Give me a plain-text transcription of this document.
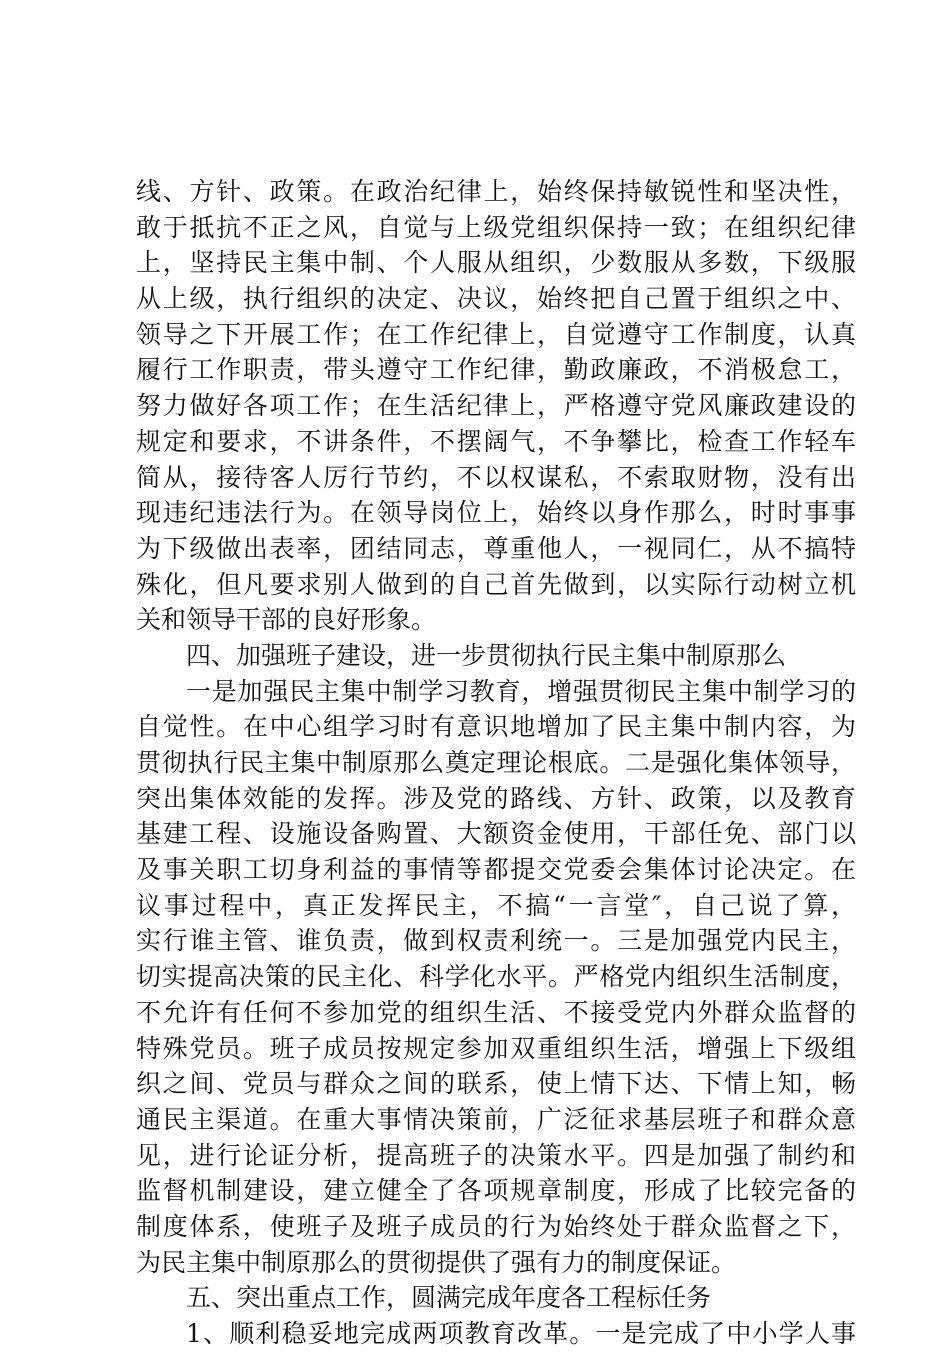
线、方针、政策。在政治纪律上，始终保持敏锐性和坚决性，
敢于抵抗不正之风，自觉与上级党组织保持一致；在组织纪律
上，坚持民主集中制、个人服从组织，少数服从多数，下级服
从上级，执行组织的决定、决议，始终把自己置于组织之中、
领导之下开展工作；在工作纪律上，自觉遵守工作制度，认真
履行工作职责，带头遵守工作纪律，勤政廉政，不消极怠工，
努力做好各项工作；在生活纪律上，严格遵守党风廉政建设的
规定和要求，不讲条件，不摆阔气，不争攀比，检查工作轻车
简从，接待客人厉行节约，不以权谋私，不索取财物，没有出
现违纪违法行为。在领导岗位上，始终以身作那么，时时事事
为下级做出表率，团结同志，尊重他人，一视同仁，从不搞特
殊化，但凡要求别人做到的自己首先做到，以实际行动树立机
关和领导干部的良好形象。
四、加强班子建设，进一步贯彻执行民主集中制原那么
一是加强民主集中制学习教育，增强贯彻民主集中制学习的
自觉性。在中心组学习时有意识地增加了民主集中制内容，为
贯彻执行民主集中制原那么奠定理论根底。二是强化集体领导，
突出集体效能的发挥。涉及党的路线、方针、政策，以及教育
基建工程、设施设备购置、大额资金使用，干部任免、部门以
及事关职工切身利益的事情等都提交党委会集体讨论决定。在
议事过程中，真正发挥民主，不搞“一言堂″，自己说了算，
实行谁主管、谁负责，做到权责利统一。三是加强党内民主，
切实提高决策的民主化、科学化水平。严格党内组织生活制度，
不允许有任何不参加党的组织生活、不接受党内外群众监督的
特殊党员。班子成员按规定参加双重组织生活，增强上下级组
织之间、党员与群众之间的联系，使上情下达、下情上知，畅
通民主渠道。在重大事情决策前，广泛征求基层班子和群众意
见，进行论证分析，提高班子的决策水平。四是加强了制约和
监督机制建设，建立健全了各项规章制度，形成了比较完备的
制度体系，使班子及班子成员的行为始终处于群众监督之下，
为民主集中制原那么的贯彻提供了强有力的制度保证。
五、突出重点工作，圆满完成年度各工程标任务
1、顺利稳妥地完成两项教育改革。一是完成了中小学人事
